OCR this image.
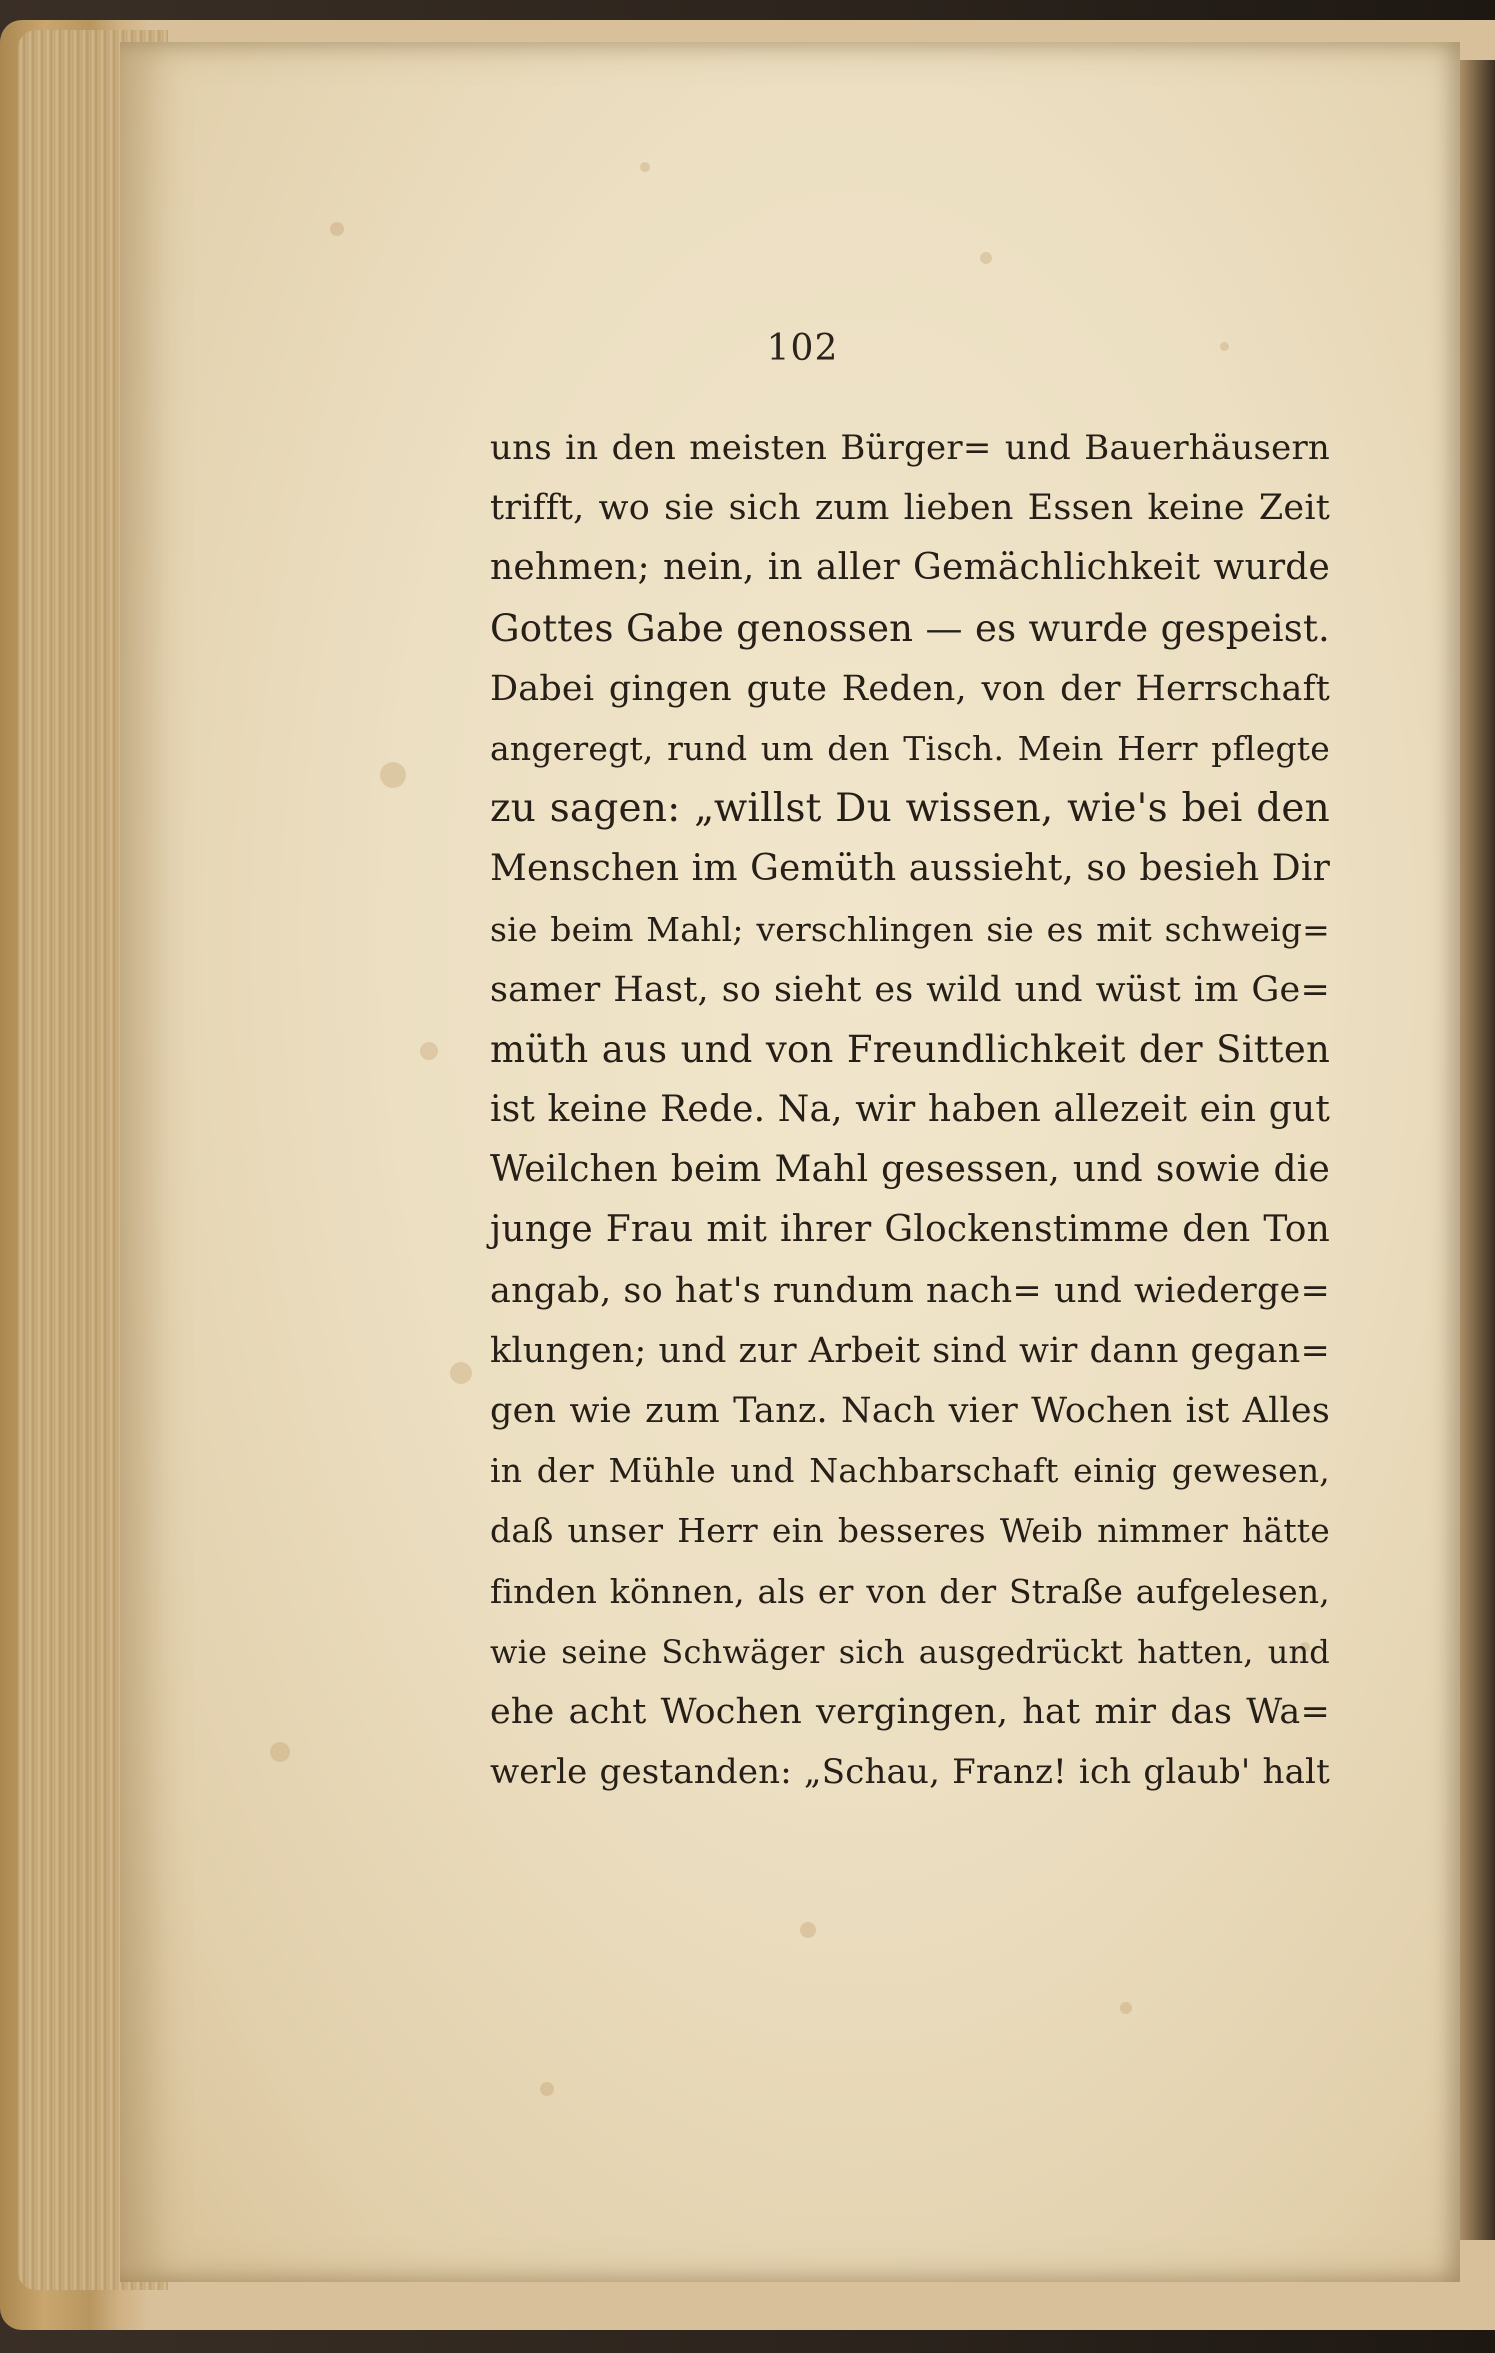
102
uns in den meisten Bürger= und Bauerhäusern
trifft, wo sie sich zum lieben Essen keine Zeit
nehmen; nein, in aller Gemächlichkeit wurde
Gottes Gabe genossen — es wurde gespeist.
Dabei gingen gute Reden, von der Herrschaft
angeregt, rund um den Tisch. Mein Herr pflegte
zu sagen: „willst Du wissen, wie's bei den
Menschen im Gemüth aussieht, so besieh Dir
sie beim Mahl; verschlingen sie es mit schweig=
samer Hast, so sieht es wild und wüst im Ge=
müth aus und von Freundlichkeit der Sitten
ist keine Rede. Na, wir haben allezeit ein gut
Weilchen beim Mahl gesessen, und sowie die
junge Frau mit ihrer Glockenstimme den Ton
angab, so hat's rundum nach= und wiederge=
klungen; und zur Arbeit sind wir dann gegan=
gen wie zum Tanz. Nach vier Wochen ist Alles
in der Mühle und Nachbarschaft einig gewesen,
daß unser Herr ein besseres Weib nimmer hätte
finden können, als er von der Straße aufgelesen,
wie seine Schwäger sich ausgedrückt hatten, und
ehe acht Wochen vergingen, hat mir das Wa=
werle gestanden: „Schau, Franz! ich glaub' halt
